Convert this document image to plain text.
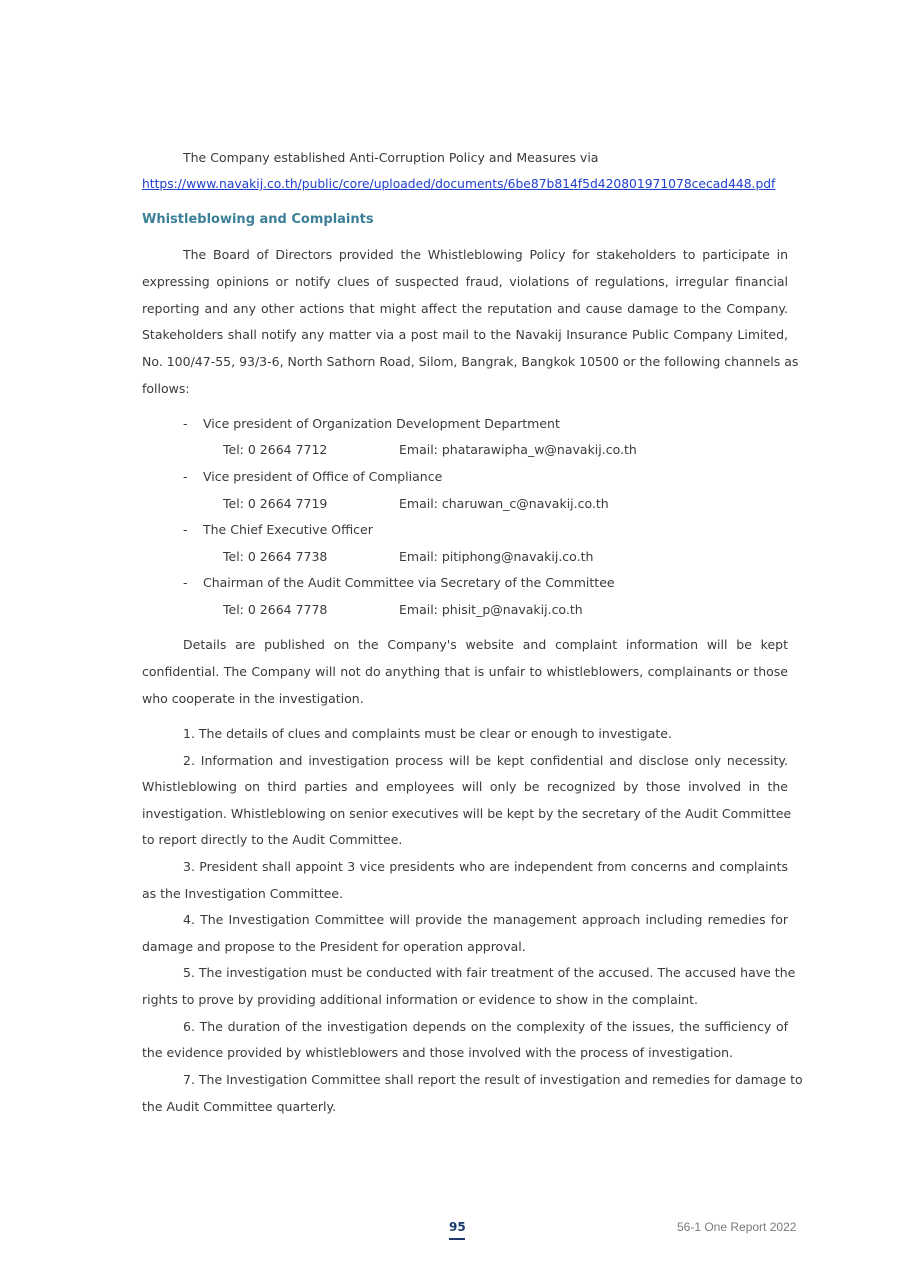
The Company established Anti-Corruption Policy and Measures via
https://www.navakij.co.th/public/core/uploaded/documents/6be87b814f5d420801971078cecad448.pdf
Whistleblowing and Complaints
The Board of Directors provided the Whistleblowing Policy for stakeholders to participate in
expressing opinions or notify clues of suspected fraud, violations of regulations, irregular financial
reporting and any other actions that might affect the reputation and cause damage to the Company.
Stakeholders shall notify any matter via a post mail to the Navakij Insurance Public Company Limited,
No. 100/47-55, 93/3-6, North Sathorn Road, Silom, Bangrak, Bangkok 10500 or the following channels as
follows:
- Vice president of Organization Development Department
Tel: 0 2664 7712	Email: phatarawipha_w@navakij.co.th
- Vice president of Office of Compliance
Tel: 0 2664 7719	Email: charuwan_c@navakij.co.th
- The Chief Executive Officer
Tel: 0 2664 7738	Email: pitiphong@navakij.co.th
- Chairman of the Audit Committee via Secretary of the Committee
Tel: 0 2664 7778	Email: phisit_p@navakij.co.th
Details are published on the Company's website and complaint information will be kept
confidential. The Company will not do anything that is unfair to whistleblowers, complainants or those
who cooperate in the investigation.
1. The details of clues and complaints must be clear or enough to investigate.
2. Information and investigation process will be kept confidential and disclose only necessity.
Whistleblowing on third parties and employees will only be recognized by those involved in the
investigation. Whistleblowing on senior executives will be kept by the secretary of the Audit Committee
to report directly to the Audit Committee.
3. President shall appoint 3 vice presidents who are independent from concerns and complaints
as the Investigation Committee.
4. The Investigation Committee will provide the management approach including remedies for
damage and propose to the President for operation approval.
5. The investigation must be conducted with fair treatment of the accused. The accused have the
rights to prove by providing additional information or evidence to show in the complaint.
6. The duration of the investigation depends on the complexity of the issues, the sufficiency of
the evidence provided by whistleblowers and those involved with the process of investigation.
7. The Investigation Committee shall report the result of investigation and remedies for damage to
the Audit Committee quarterly.
95	56-1 One Report 2022
